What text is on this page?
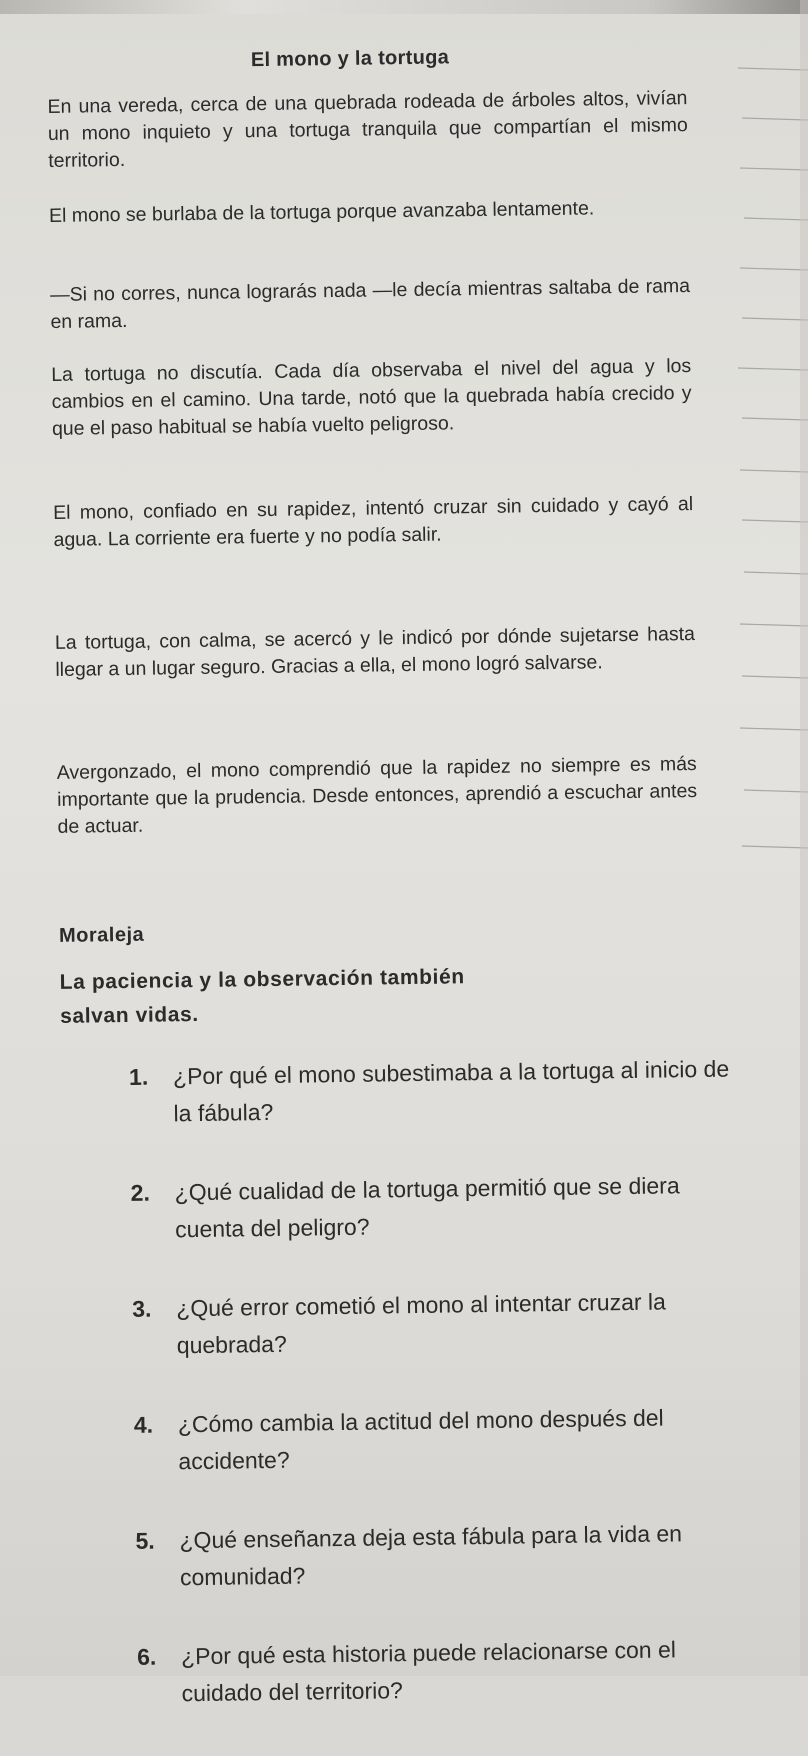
El mono y la tortuga

En una vereda, cerca de una quebrada rodeada de árboles altos, vivían un mono inquieto y una tortuga tranquila que compartían el mismo territorio.

El mono se burlaba de la tortuga porque avanzaba lentamente.

—Si no corres, nunca lograrás nada —le decía mientras saltaba de rama en rama.

La tortuga no discutía. Cada día observaba el nivel del agua y los cambios en el camino. Una tarde, notó que la quebrada había crecido y que el paso habitual se había vuelto peligroso.

El mono, confiado en su rapidez, intentó cruzar sin cuidado y cayó al agua. La corriente era fuerte y no podía salir.

La tortuga, con calma, se acercó y le indicó por dónde sujetarse hasta llegar a un lugar seguro. Gracias a ella, el mono logró salvarse.

Avergonzado, el mono comprendió que la rapidez no siempre es más importante que la prudencia. Desde entonces, aprendió a escuchar antes de actuar.

Moraleja
La paciencia y la observación también salvan vidas.
1. ¿Por qué el mono subestimaba a la tortuga al inicio de la fábula?
2. ¿Qué cualidad de la tortuga permitió que se diera cuenta del peligro?
3. ¿Qué error cometió el mono al intentar cruzar la quebrada?
4. ¿Cómo cambia la actitud del mono después del accidente?
5. ¿Qué enseñanza deja esta fábula para la vida en comunidad?
6. ¿Por qué esta historia puede relacionarse con el cuidado del territorio?
